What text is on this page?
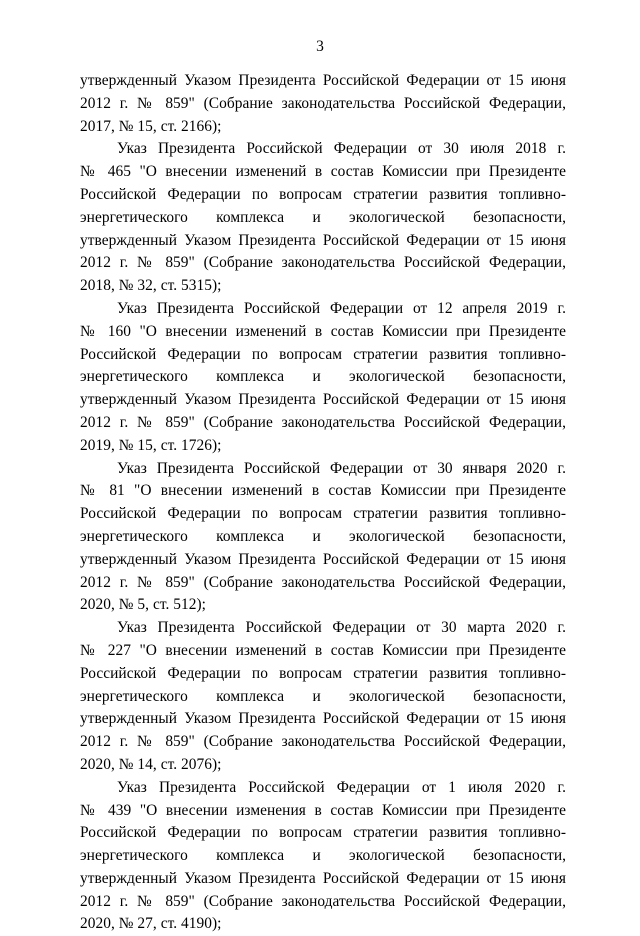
3
утвержденный Указом Президента Российской Федерации от 15 июня
2012 г. № 859" (Собрание законодательства Российской Федерации,
2017, № 15, ст. 2166);
Указ Президента Российской Федерации от 30 июля 2018 г.
№ 465 "О внесении изменений в состав Комиссии при Президенте
Российской Федерации по вопросам стратегии развития топливно-
энергетического комплекса и экологической безопасности,
утвержденный Указом Президента Российской Федерации от 15 июня
2012 г. № 859" (Собрание законодательства Российской Федерации,
2018, № 32, ст. 5315);
Указ Президента Российской Федерации от 12 апреля 2019 г.
№ 160 "О внесении изменений в состав Комиссии при Президенте
Российской Федерации по вопросам стратегии развития топливно-
энергетического комплекса и экологической безопасности,
утвержденный Указом Президента Российской Федерации от 15 июня
2012 г. № 859" (Собрание законодательства Российской Федерации,
2019, № 15, ст. 1726);
Указ Президента Российской Федерации от 30 января 2020 г.
№ 81 "О внесении изменений в состав Комиссии при Президенте
Российской Федерации по вопросам стратегии развития топливно-
энергетического комплекса и экологической безопасности,
утвержденный Указом Президента Российской Федерации от 15 июня
2012 г. № 859" (Собрание законодательства Российской Федерации,
2020, № 5, ст. 512);
Указ Президента Российской Федерации от 30 марта 2020 г.
№ 227 "О внесении изменений в состав Комиссии при Президенте
Российской Федерации по вопросам стратегии развития топливно-
энергетического комплекса и экологической безопасности,
утвержденный Указом Президента Российской Федерации от 15 июня
2012 г. № 859" (Собрание законодательства Российской Федерации,
2020, № 14, ст. 2076);
Указ Президента Российской Федерации от 1 июля 2020 г.
№ 439 "О внесении изменения в состав Комиссии при Президенте
Российской Федерации по вопросам стратегии развития топливно-
энергетического комплекса и экологической безопасности,
утвержденный Указом Президента Российской Федерации от 15 июня
2012 г. № 859" (Собрание законодательства Российской Федерации,
2020, № 27, ст. 4190);
